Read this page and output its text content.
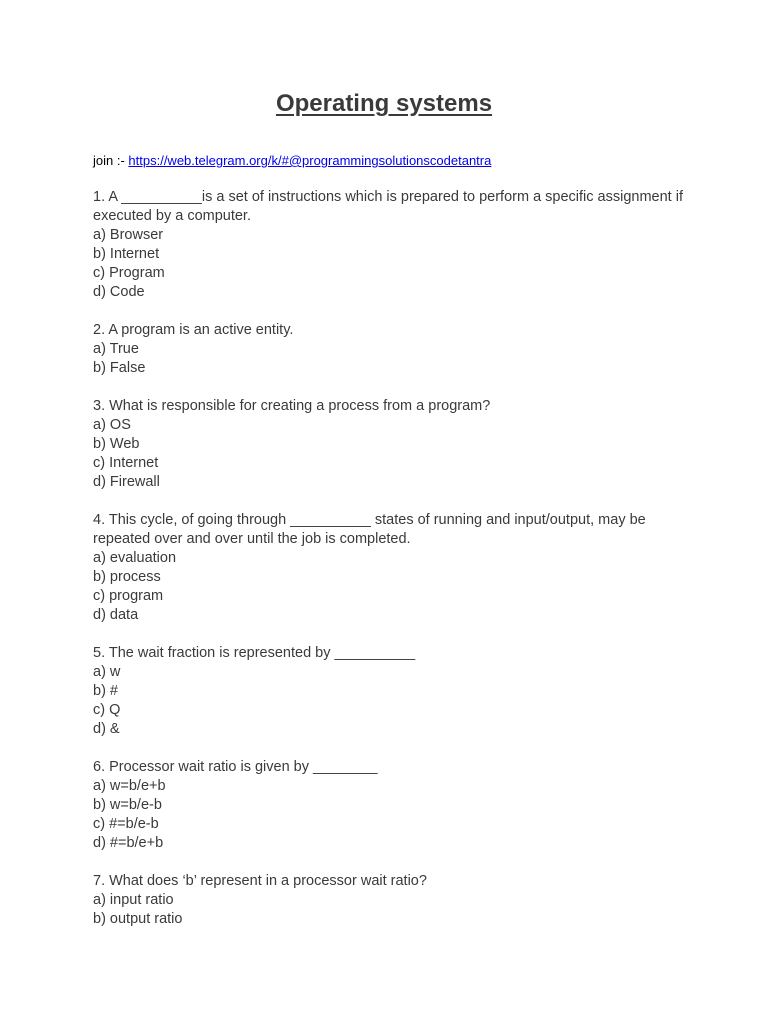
Operating systems
join :- https://web.telegram.org/k/#@programmingsolutionscodetantra

1. A __________is a set of instructions which is prepared to perform a specific assignment if executed by a computer.

a) Browser
b) Internet
c) Program
d) Code

2. A program is an active entity.

a) True
b) False

3. What is responsible for creating a process from a program?

a) OS
b) Web
c) Internet
d) Firewall

4. This cycle, of going through __________ states of running and input/output, may be repeated over and over until the job is completed.

a) evaluation
b) process
c) program
d) data

5. The wait fraction is represented by __________

a) w
b) #
c) Q
d) &

6. Processor wait ratio is given by ________

a) w=b/e+b
b) w=b/e-b
c) #=b/e-b
d) #=b/e+b

7. What does ‘b’ represent in a processor wait ratio?

a) input ratio
b) output ratio
